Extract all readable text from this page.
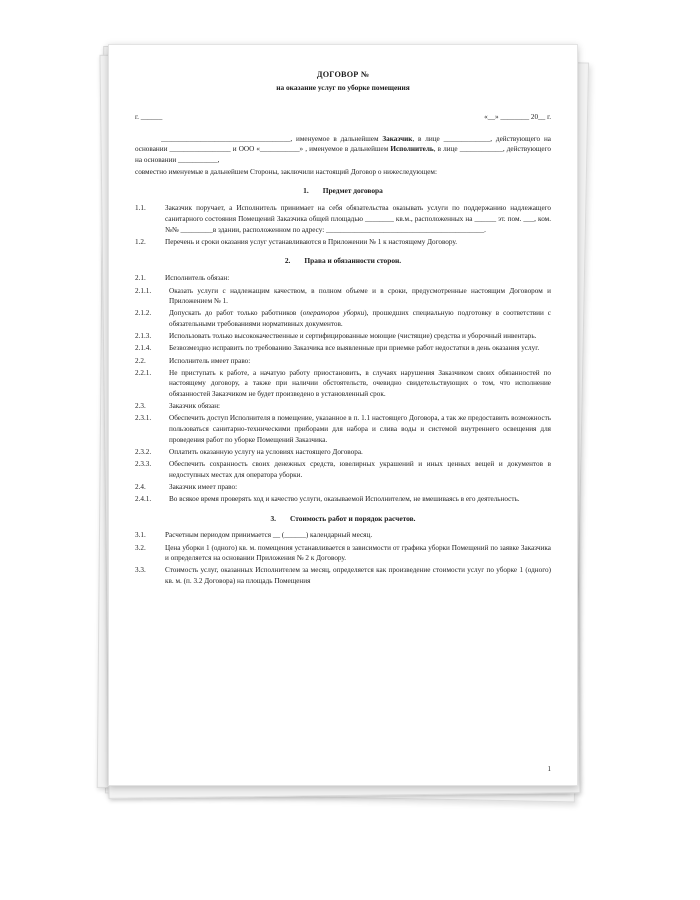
ДОГОВОР №
на оказание услуг по уборке помещения
г. ______	«__» ________ 20__ г.

____________________________________, именуемое в дальнейшем Заказчик, в лице _____________, действующего на основании _________________ и ООО «___________» , именуемое в дальнейшем Исполнитель, в лице ____________, действующего на основании ___________,

совместно именуемые в дальнейшем Стороны, заключили настоящий Договор о нижеследующем:

1. Предмет договора
1.1.	Заказчик поручает, а Исполнитель принимает на себя обязательства оказывать услуги по поддержанию надлежащего санитарного состояния Помещений Заказчика общей площадью ________ кв.м., расположенных на ______ эт. пом. ___, ком. №№ _________в здании, расположенном по адресу: ____________________________________________.
1.2.	Перечень и сроки оказания услуг устанавливаются в Приложении № 1 к настоящему Договору.
2. Права и обязанности сторон.
2.1.	Исполнитель обязан:
2.1.1.	Оказать услуги с надлежащим качеством, в полном объеме и в сроки, предусмотренные настоящим Договором и Приложением № 1.
2.1.2.	Допускать до работ только работников (операторов уборки), прошедших специальную подготовку в соответствии с обязательными требованиями нормативных документов.
2.1.3.	Использовать только высококачественные и сертифицированные моющие (чистящие) средства и уборочный инвентарь.
2.1.4.	Безвозмездно исправить по требованию Заказчика все выявленные при приемке работ недостатки в день оказания услуг.
2.2.	Исполнитель имеет право:
2.2.1.	Не приступать к работе, а начатую работу приостановить, в случаях нарушения Заказчиком своих обязанностей по настоящему договору, а также при наличии обстоятельств, очевидно свидетельствующих о том, что исполнение обязанностей Заказчиком не будет произведено в установленный срок.
2.3.	Заказчик обязан:
2.3.1.	Обеспечить доступ Исполнителя в помещение, указанное в п. 1.1 настоящего Договора, а так же предоставить возможность пользоваться санитарно-техническими приборами для набора и слива воды и системой внутреннего освещения для проведения работ по уборке Помещений Заказчика.
2.3.2.	Оплатить оказанную услугу на условиях настоящего Договора.
2.3.3.	Обеспечить сохранность своих денежных средств, ювелирных украшений и иных ценных вещей и документов в недоступных местах для оператора уборки.
2.4.	Заказчик имеет право:
2.4.1.	Во всякое время проверять ход и качество услуги, оказываемой Исполнителем, не вмешиваясь в его деятельность.
3. Стоимость работ и порядок расчетов.
3.1.	Расчетным периодом принимается __ (______) календарный месяц.
3.2.	Цена уборки 1 (одного) кв. м. помещения устанавливается в зависимости от графика уборки Помещений по заявке Заказчика и определяется на основании Приложения № 2 к Договору.
3.3.	Стоимость услуг, оказанных Исполнителем за месяц, определяется как произведение стоимости услуг по уборке 1 (одного) кв. м. (п. 3.2 Договора) на площадь Помещения
1
